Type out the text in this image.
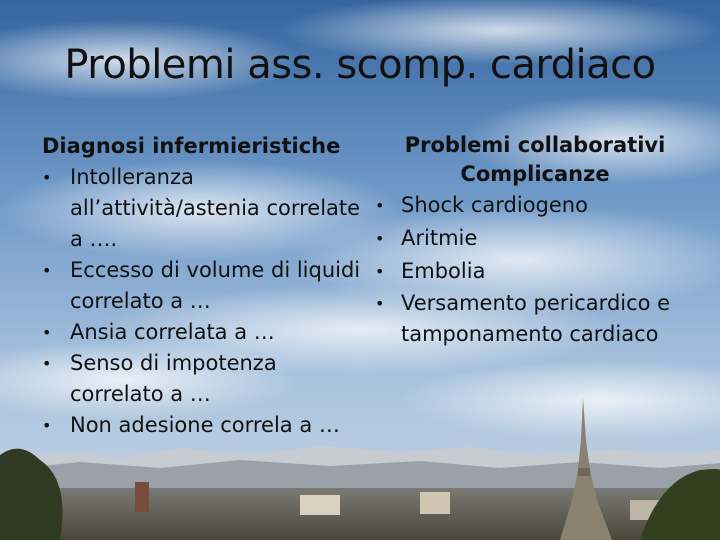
Problemi ass. scomp. cardiaco
Diagnosi infermieristiche
• Intolleranza all’attività/astenia correlate a ….
• Eccesso di volume di liquidi correlato a …
• Ansia correlata a …
• Senso di impotenza correlato a …
• Non adesione correla a …
Problemi collaborativi
Complicanze
• Shock cardiogeno
• Aritmie
• Embolia
• Versamento pericardico e tamponamento cardiaco
